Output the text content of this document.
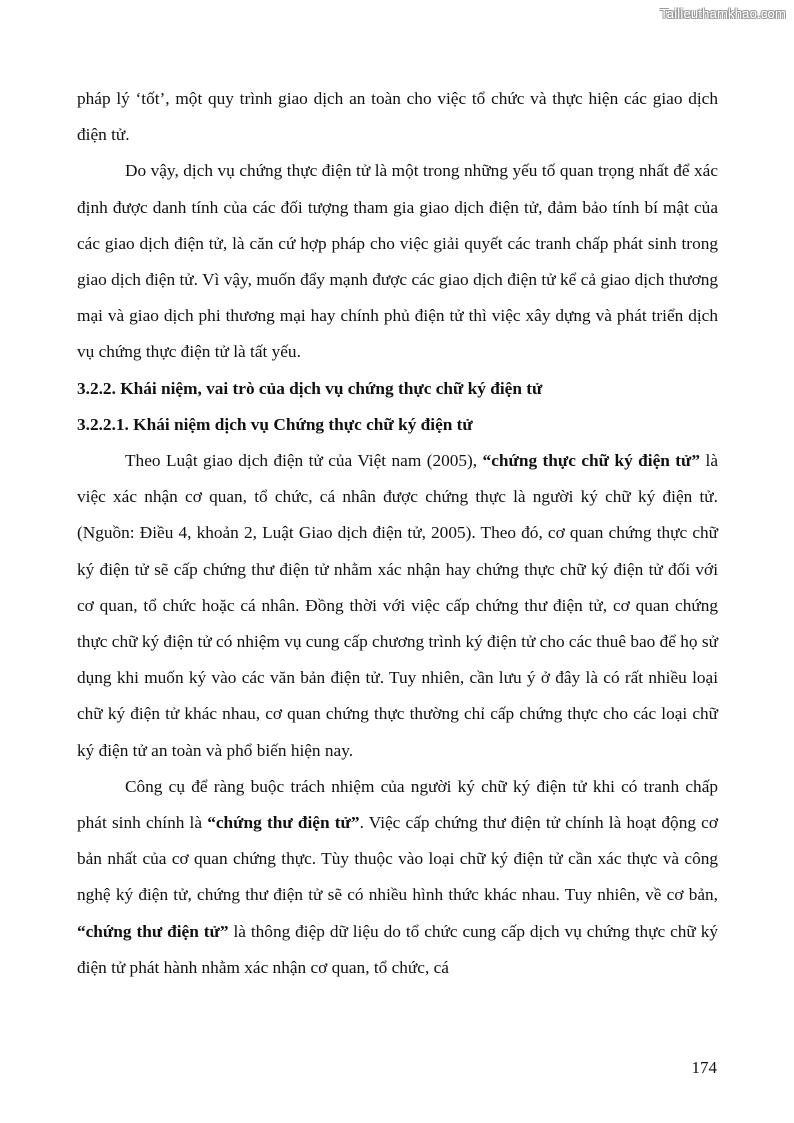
Tailieuthamkhao.com

pháp lý ‘tốt’, một quy trình giao dịch an toàn cho việc tổ chức và thực hiện các giao dịch điện tử.

Do vậy, dịch vụ chứng thực điện tử là một trong những yếu tố quan trọng nhất để xác định được danh tính của các đối tượng tham gia giao dịch điện tử, đảm bảo tính bí mật của các giao dịch điện tử, là căn cứ hợp pháp cho việc giải quyết các tranh chấp phát sinh trong giao dịch điện tử. Vì vậy, muốn đẩy mạnh được các giao dịch điện tử kể cả giao dịch thương mại và giao dịch phi thương mại hay chính phủ điện tử thì việc xây dựng và phát triển dịch vụ chứng thực điện tử là tất yếu.

3.2.2. Khái niệm, vai trò của dịch vụ chứng thực chữ ký điện tử

3.2.2.1. Khái niệm dịch vụ Chứng thực chữ ký điện tử

Theo Luật giao dịch điện tử của Việt nam (2005), “chứng thực chữ ký điện tử” là việc xác nhận cơ quan, tổ chức, cá nhân được chứng thực là người ký chữ ký điện tử. (Nguồn: Điều 4, khoản 2, Luật Giao dịch điện tử, 2005). Theo đó, cơ quan chứng thực chữ ký điện tử sẽ cấp chứng thư điện tử nhằm xác nhận hay chứng thực chữ ký điện tử đối với cơ quan, tổ chức hoặc cá nhân. Đồng thời với việc cấp chứng thư điện tử, cơ quan chứng thực chữ ký điện tử có nhiệm vụ cung cấp chương trình ký điện tử cho các thuê bao để họ sử dụng khi muốn ký vào các văn bản điện tử. Tuy nhiên, cần lưu ý ở đây là có rất nhiều loại chữ ký điện tử khác nhau, cơ quan chứng thực thường chỉ cấp chứng thực cho các loại chữ ký điện tử an toàn và phổ biến hiện nay.

Công cụ để ràng buộc trách nhiệm của người ký chữ ký điện tử khi có tranh chấp phát sinh chính là “chứng thư điện tử”. Việc cấp chứng thư điện tử chính là hoạt động cơ bản nhất của cơ quan chứng thực. Tùy thuộc vào loại chữ ký điện tử cần xác thực và công nghệ ký điện tử, chứng thư điện tử sẽ có nhiều hình thức khác nhau. Tuy nhiên, về cơ bản, “chứng thư điện tử” là thông điệp dữ liệu do tổ chức cung cấp dịch vụ chứng thực chữ ký điện tử phát hành nhằm xác nhận cơ quan, tổ chức, cá

174
